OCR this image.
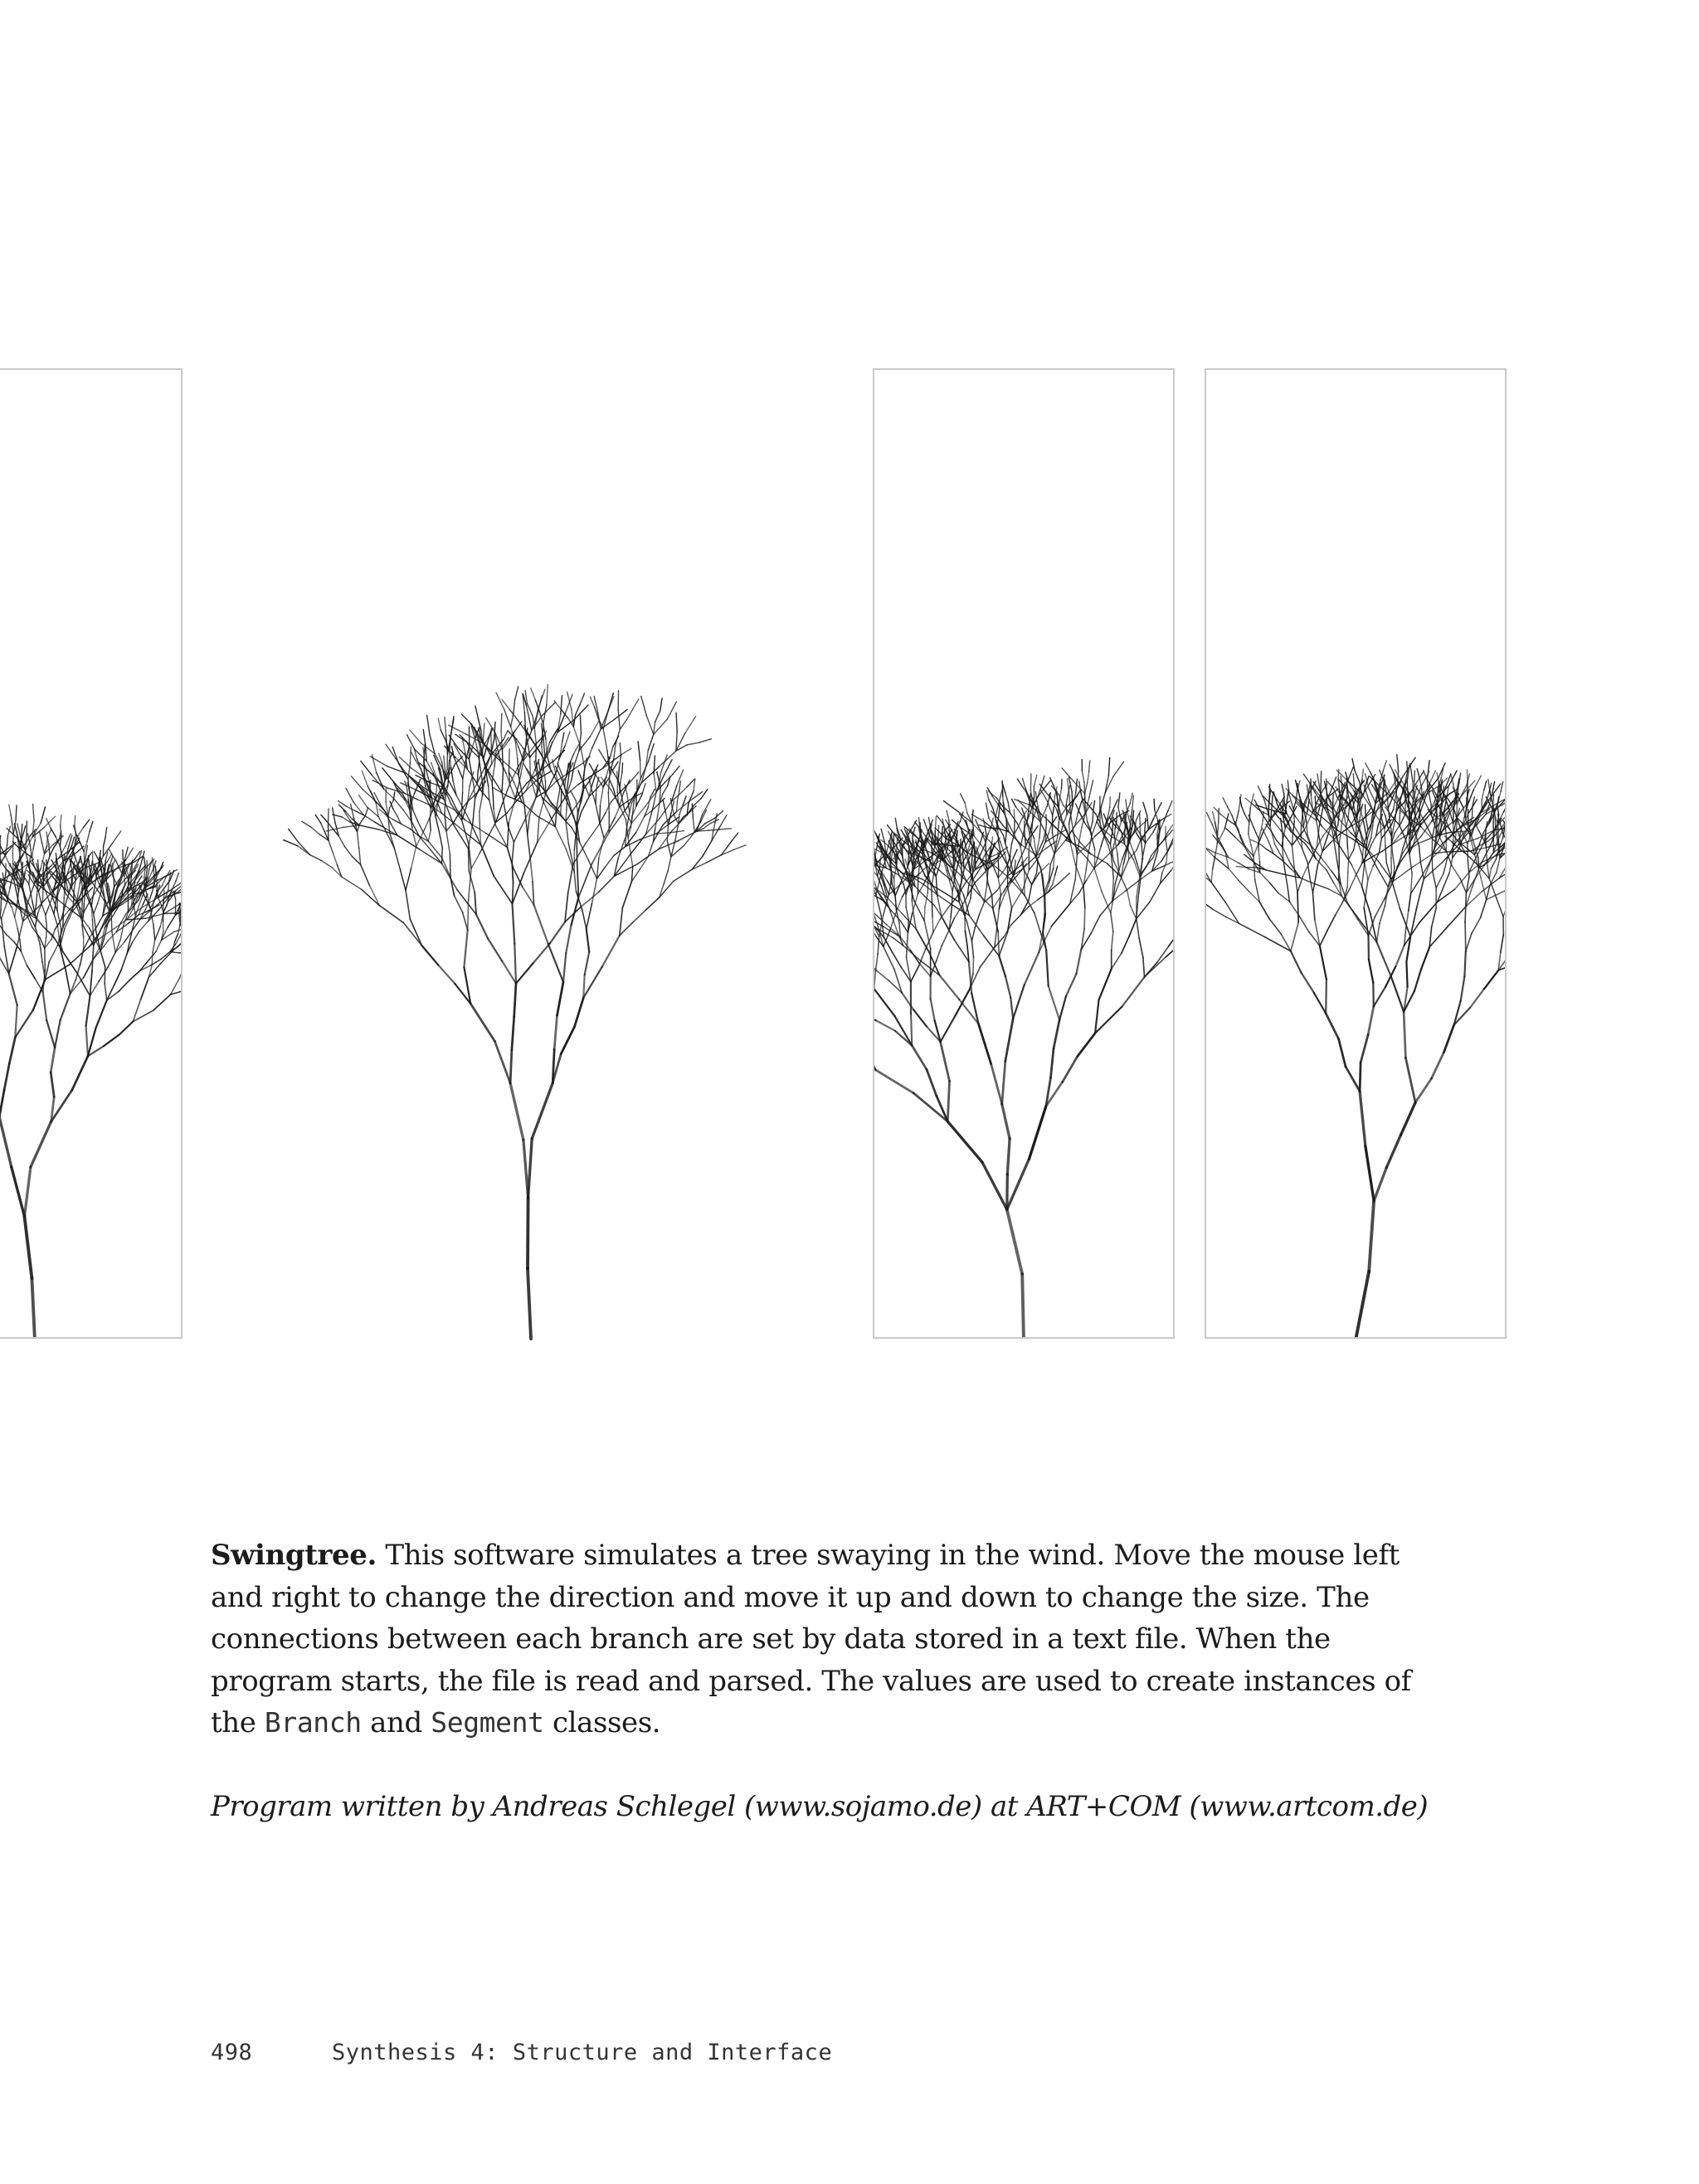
Swingtree. This software simulates a tree swaying in the wind. Move the mouse left and right to change the direction and move it up and down to change the size. The connections between each branch are set by data stored in a text file. When the program starts, the file is read and parsed. The values are used to create instances of the Branch and Segment classes.
Program written by Andreas Schlegel (www.sojamo.de) at ART+COM (www.artcom.de)
498	Synthesis 4: Structure and Interface
